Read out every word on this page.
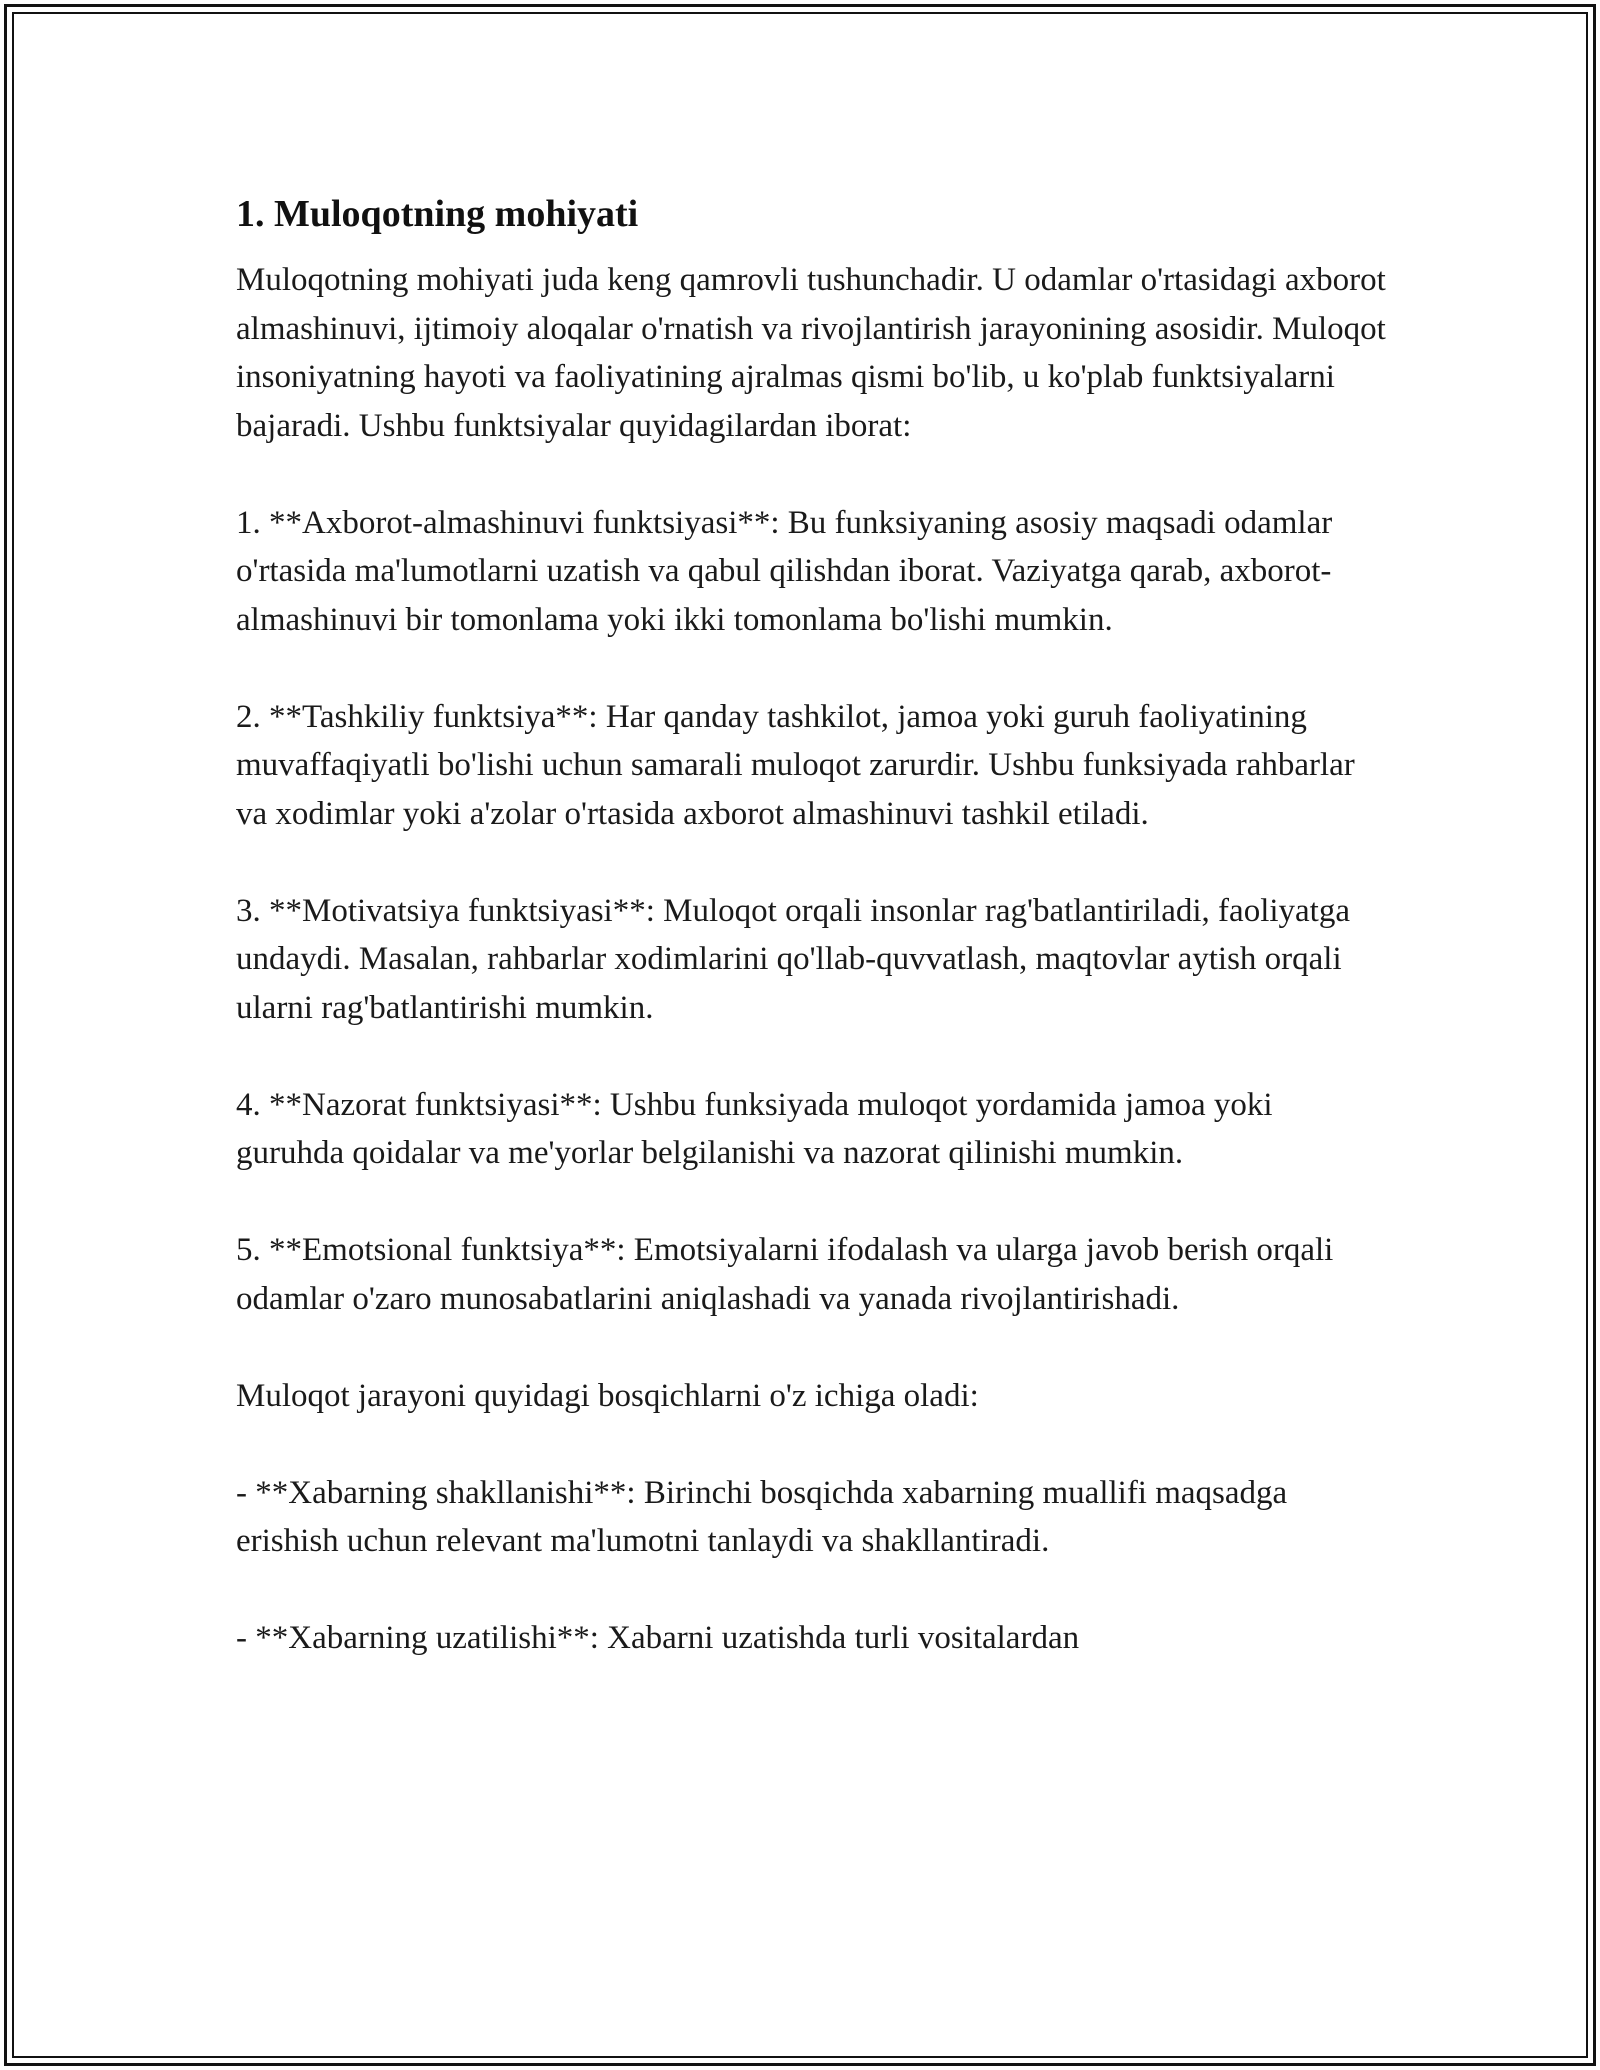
1. Muloqotning mohiyati

Muloqotning mohiyati juda keng qamrovli tushunchadir. U odamlar o'rtasidagi axborot almashinuvi, ijtimoiy aloqalar o'rnatish va rivojlantirish jarayonining asosidir. Muloqot insoniyatning hayoti va faoliyatining ajralmas qismi bo'lib, u ko'plab funktsiyalarni bajaradi. Ushbu funktsiyalar quyidagilardan iborat:

1. **Axborot-almashinuvi funktsiyasi**: Bu funksiyaning asosiy maqsadi odamlar o'rtasida ma'lumotlarni uzatish va qabul qilishdan iborat. Vaziyatga qarab, axborot-almashinuvi bir tomonlama yoki ikki tomonlama bo'lishi mumkin.

2. **Tashkiliy funktsiya**: Har qanday tashkilot, jamoa yoki guruh faoliyatining muvaffaqiyatli bo'lishi uchun samarali muloqot zarurdir. Ushbu funksiyada rahbarlar va xodimlar yoki a'zolar o'rtasida axborot almashinuvi tashkil etiladi.

3. **Motivatsiya funktsiyasi**: Muloqot orqali insonlar rag'batlantiriladi, faoliyatga undaydi. Masalan, rahbarlar xodimlarini qo'llab-quvvatlash, maqtovlar aytish orqali ularni rag'batlantirishi mumkin.

4. **Nazorat funktsiyasi**: Ushbu funksiyada muloqot yordamida jamoa yoki guruhda qoidalar va me'yorlar belgilanishi va nazorat qilinishi mumkin.

5. **Emotsional funktsiya**: Emotsiyalarni ifodalash va ularga javob berish orqali odamlar o'zaro munosabatlarini aniqlashadi va yanada rivojlantirishadi.

Muloqot jarayoni quyidagi bosqichlarni o'z ichiga oladi:

- **Xabarning shakllanishi**: Birinchi bosqichda xabarning muallifi maqsadga erishish uchun relevant ma'lumotni tanlaydi va shakllantiradi.

- **Xabarning uzatilishi**: Xabarni uzatishda turli vositalardan
